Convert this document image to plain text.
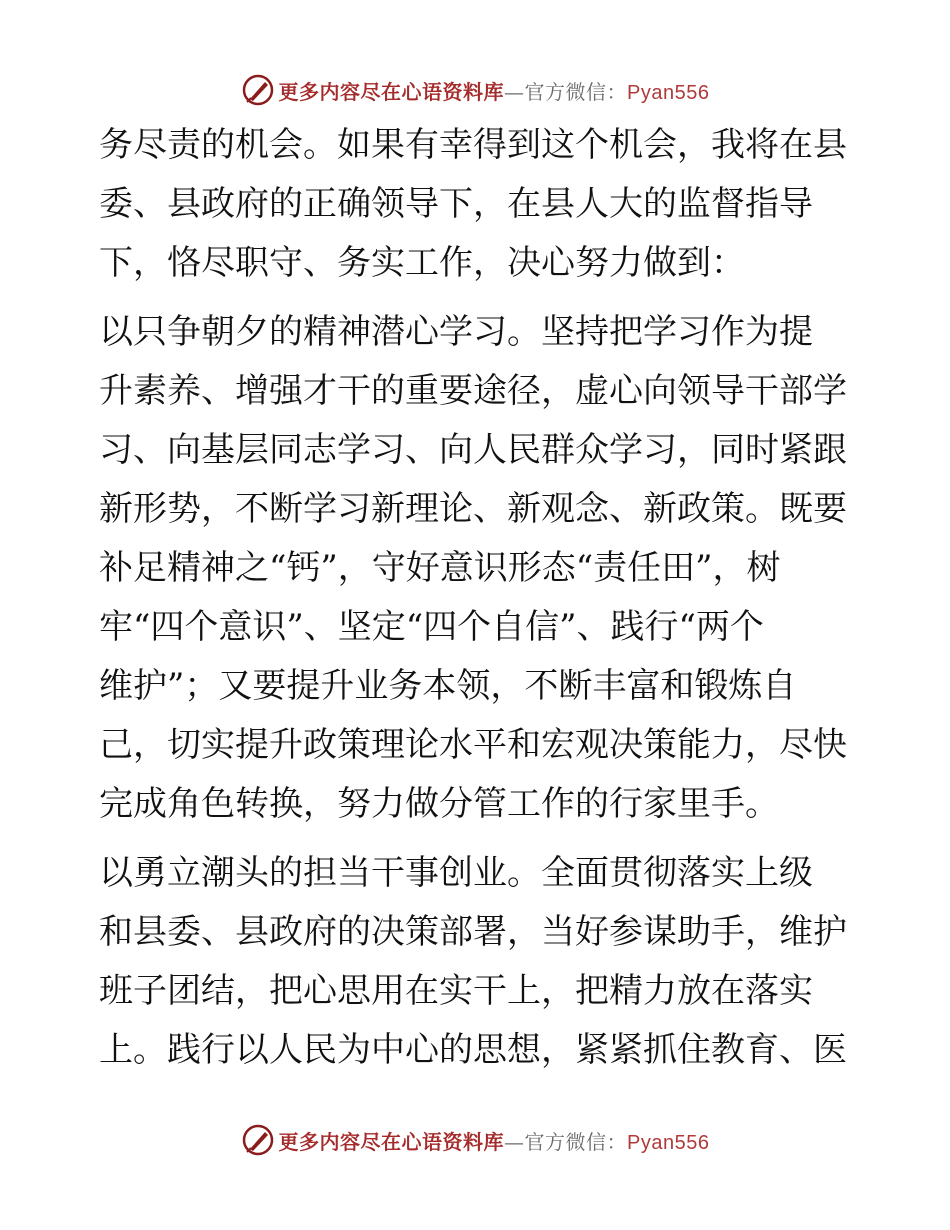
更多内容尽在心语资料库—官方微信：Pyan556
务尽责的机会。如果有幸得到这个机会，我将在县
委、县政府的正确领导下，在县人大的监督指导
下，恪尽职守、务实工作，决心努力做到：
以只争朝夕的精神潜心学习。坚持把学习作为提
升素养、增强才干的重要途径，虚心向领导干部学
习、向基层同志学习、向人民群众学习，同时紧跟
新形势，不断学习新理论、新观念、新政策。既要
补足精神之“钙”，守好意识形态“责任田”，树
牢“四个意识”、坚定“四个自信”、践行“两个
维护”；又要提升业务本领，不断丰富和锻炼自
己，切实提升政策理论水平和宏观决策能力，尽快
完成角色转换，努力做分管工作的行家里手。
以勇立潮头的担当干事创业。全面贯彻落实上级
和县委、县政府的决策部署，当好参谋助手，维护
班子团结，把心思用在实干上，把精力放在落实
上。践行以人民为中心的思想，紧紧抓住教育、医
更多内容尽在心语资料库—官方微信：Pyan556
